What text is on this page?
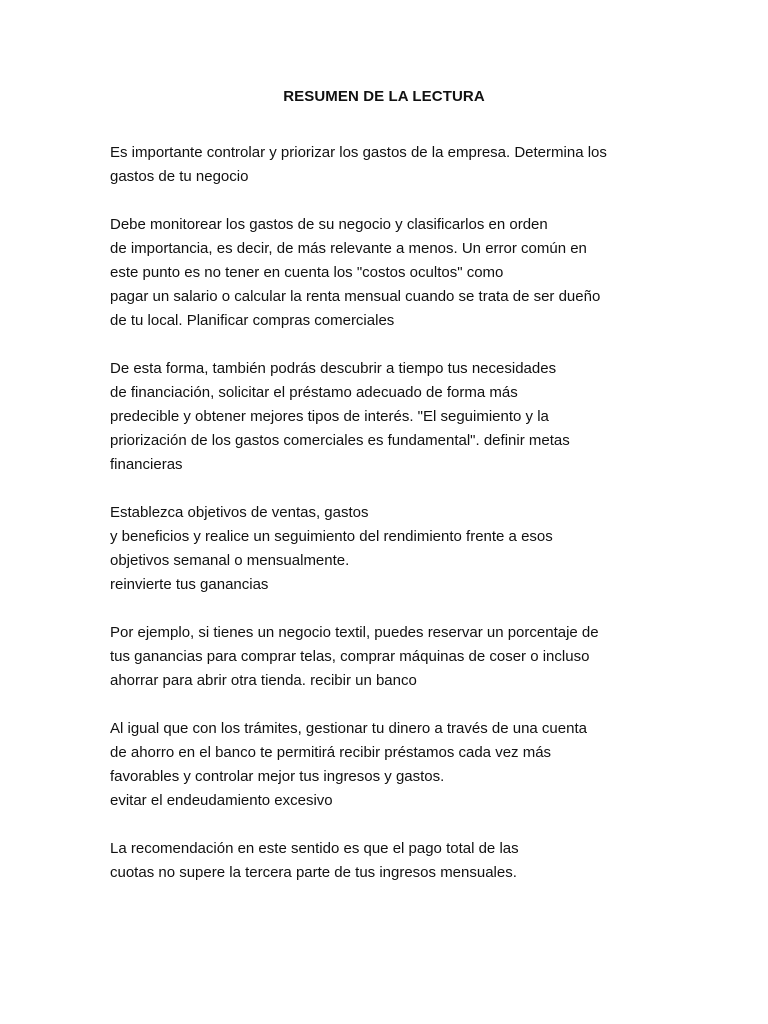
RESUMEN DE LA LECTURA
Es importante controlar y priorizar los gastos de la empresa. Determina los
gastos de tu negocio
Debe monitorear los gastos de su negocio y clasificarlos en orden
de importancia, es decir, de más relevante a menos. Un error común en
este punto es no tener en cuenta los "costos ocultos" como
pagar un salario o calcular la renta mensual cuando se trata de ser dueño
de tu local. Planificar compras comerciales
De esta forma, también podrás descubrir a tiempo tus necesidades
de financiación, solicitar el préstamo adecuado de forma más
predecible y obtener mejores tipos de interés. "El seguimiento y la
priorización de los gastos comerciales es fundamental". definir metas
financieras
Establezca objetivos de ventas, gastos
y beneficios y realice un seguimiento del rendimiento frente a esos
objetivos semanal o mensualmente.
reinvierte tus ganancias
Por ejemplo, si tienes un negocio textil, puedes reservar un porcentaje de
tus ganancias para comprar telas, comprar máquinas de coser o incluso
ahorrar para abrir otra tienda. recibir un banco
Al igual que con los trámites, gestionar tu dinero a través de una cuenta
de ahorro en el banco te permitirá recibir préstamos cada vez más
favorables y controlar mejor tus ingresos y gastos.
evitar el endeudamiento excesivo
La recomendación en este sentido es que el pago total de las
cuotas no supere la tercera parte de tus ingresos mensuales.
